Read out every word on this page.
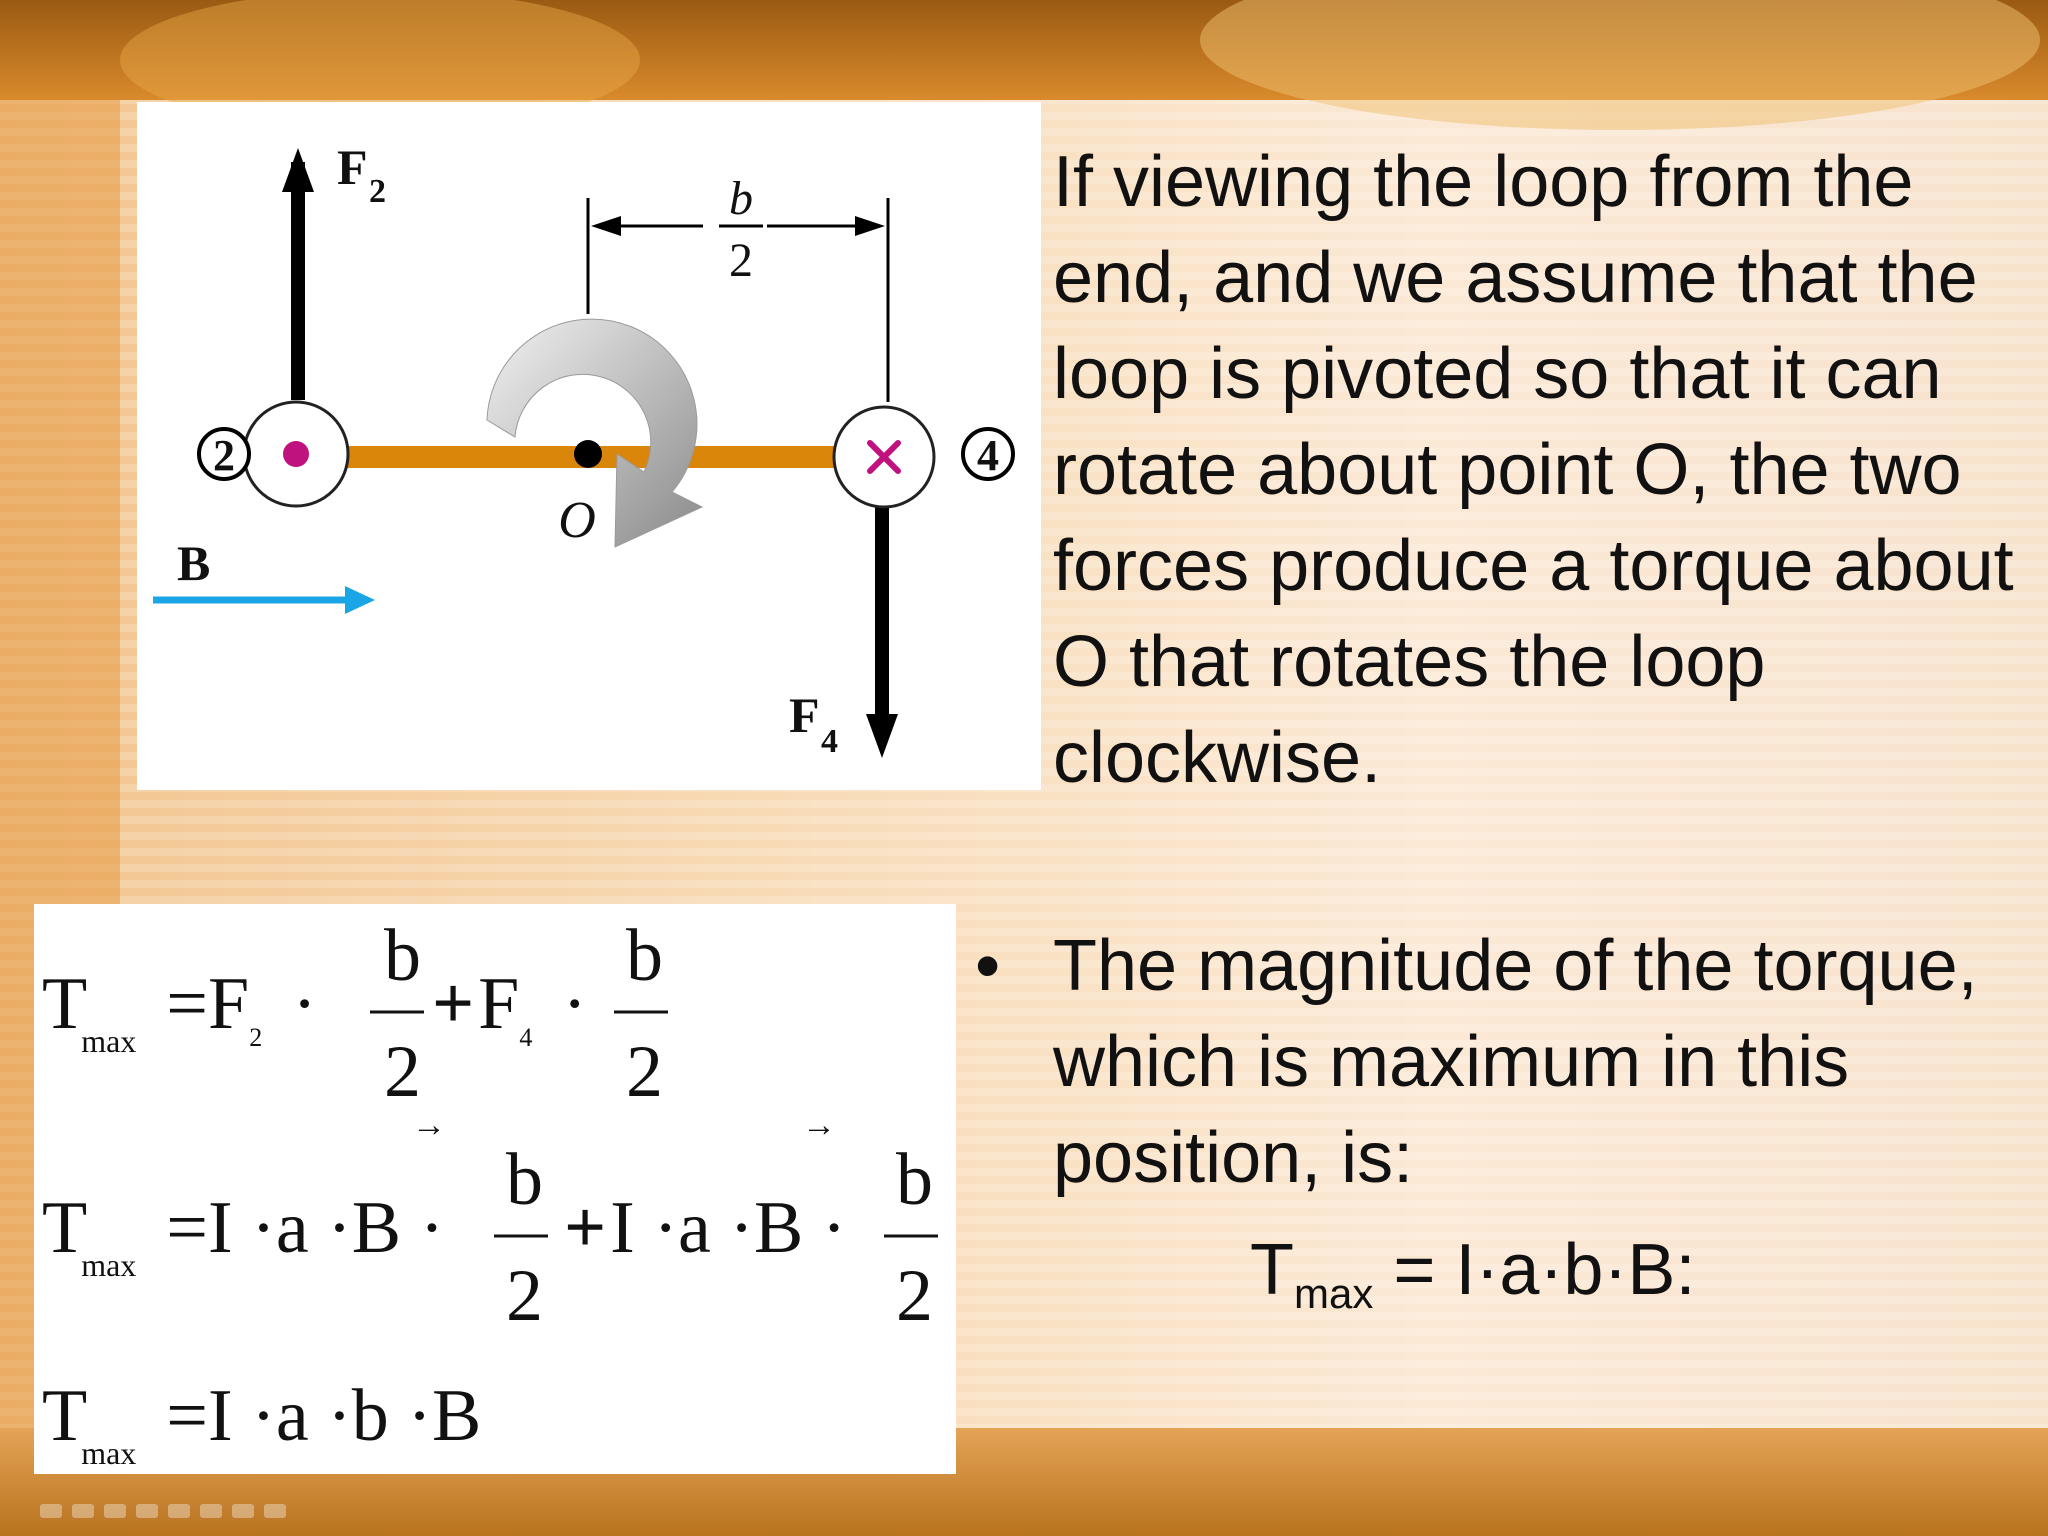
F 2
F 4
2	4
O
B
b
2
$Tmax =F_2$ ·
b
2
$+F_4$ ·
b
2
Tmax =I ·a ·B ·
→
b
2
+I ·a ·B ·
→
b
2
Tmax =I ·a ·b ·B

If viewing the loop from the end, and we assume that the loop is pivoted so that it can rotate about point O, the two forces produce a torque about O that rotates the loop clockwise.

• The magnitude of the torque, which is maximum in this position, is:

$T_{max} = I\cdot a\cdot b\cdot B$:
